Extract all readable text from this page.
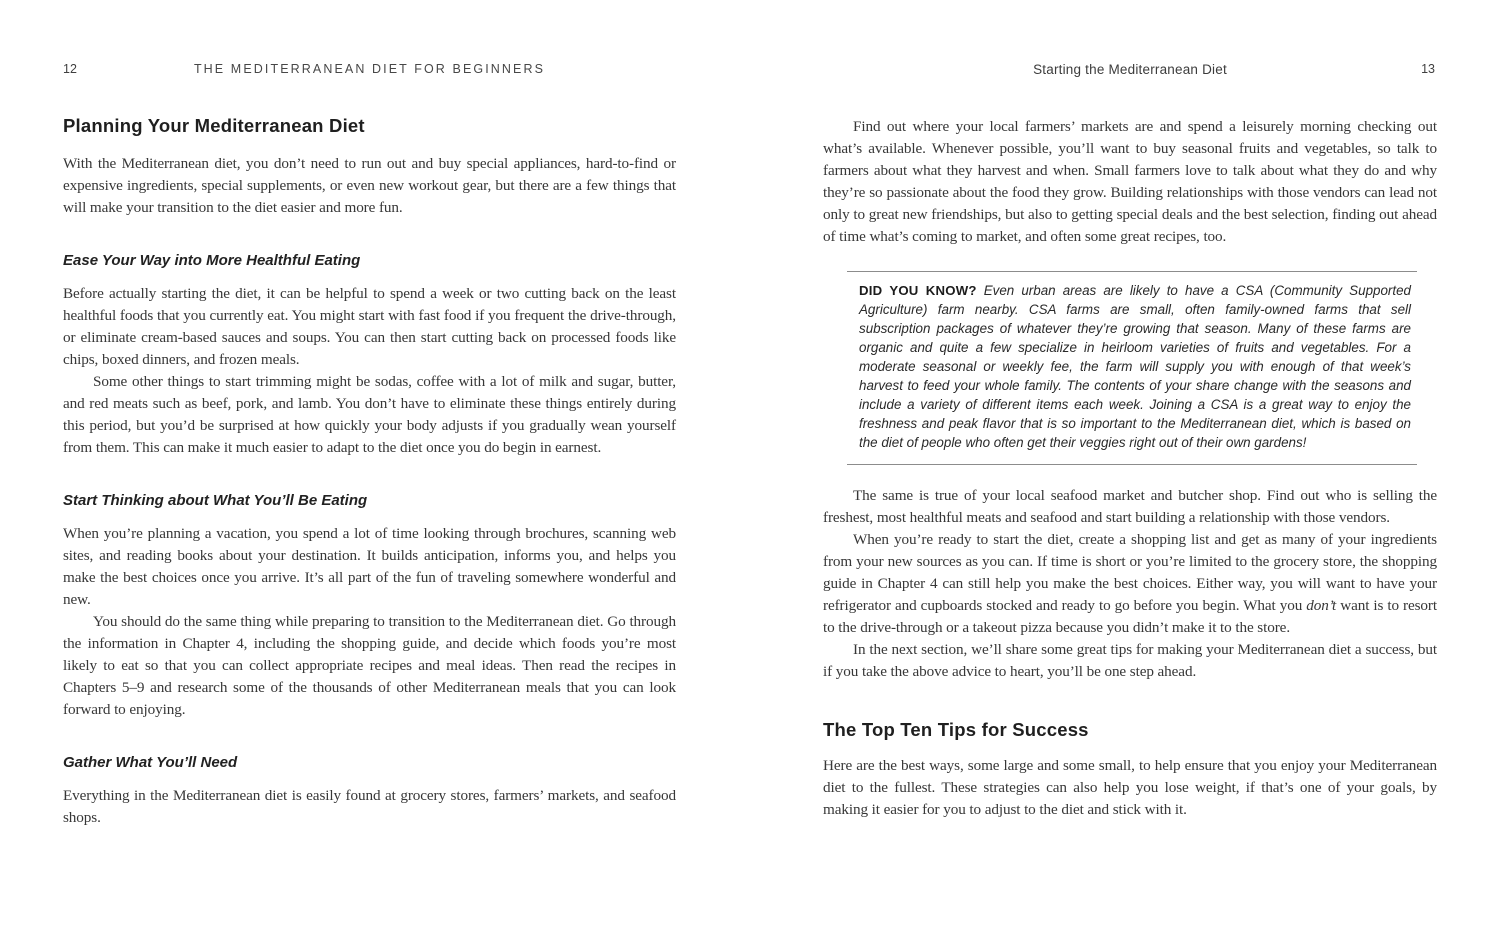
12	THE MEDITERRANEAN DIET FOR BEGINNERS
Planning Your Mediterranean Diet

With the Mediterranean diet, you don’t need to run out and buy special appliances, hard-to-find or expensive ingredients, special supplements, or even new workout gear, but there are a few things that will make your transition to the diet easier and more fun.

Ease Your Way into More Healthful Eating

Before actually starting the diet, it can be helpful to spend a week or two cutting back on the least healthful foods that you currently eat. You might start with fast food if you frequent the drive-through, or eliminate cream-based sauces and soups. You can then start cutting back on processed foods like chips, boxed dinners, and frozen meals.

Some other things to start trimming might be sodas, coffee with a lot of milk and sugar, butter, and red meats such as beef, pork, and lamb. You don’t have to eliminate these things entirely during this period, but you’d be surprised at how quickly your body adjusts if you gradually wean yourself from them. This can make it much easier to adapt to the diet once you do begin in earnest.

Start Thinking about What You’ll Be Eating

When you’re planning a vacation, you spend a lot of time looking through brochures, scanning web sites, and reading books about your destination. It builds anticipation, informs you, and helps you make the best choices once you arrive. It’s all part of the fun of traveling somewhere wonderful and new.

You should do the same thing while preparing to transition to the Mediterranean diet. Go through the information in Chapter 4, including the shopping guide, and decide which foods you’re most likely to eat so that you can collect appropriate recipes and meal ideas. Then read the recipes in Chapters 5–9 and research some of the thousands of other Mediterranean meals that you can look forward to enjoying.

Gather What You’ll Need

Everything in the Mediterranean diet is easily found at grocery stores, farmers’ markets, and seafood shops.

Starting the Mediterranean Diet	13

Find out where your local farmers’ markets are and spend a leisurely morning checking out what’s available. Whenever possible, you’ll want to buy seasonal fruits and vegetables, so talk to farmers about what they harvest and when. Small farmers love to talk about what they do and why they’re so passionate about the food they grow. Building relationships with those vendors can lead not only to great new friendships, but also to getting special deals and the best selection, finding out ahead of time what’s coming to market, and often some great recipes, too.

DID YOU KNOW? Even urban areas are likely to have a CSA (Community Supported Agriculture) farm nearby. CSA farms are small, often family-owned farms that sell subscription packages of whatever they’re growing that season. Many of these farms are organic and quite a few specialize in heirloom varieties of fruits and vegetables. For a moderate seasonal or weekly fee, the farm will supply you with enough of that week’s harvest to feed your whole family. The contents of your share change with the seasons and include a variety of different items each week. Joining a CSA is a great way to enjoy the freshness and peak flavor that is so important to the Mediterranean diet, which is based on the diet of people who often get their veggies right out of their own gardens!

The same is true of your local seafood market and butcher shop. Find out who is selling the freshest, most healthful meats and seafood and start building a relationship with those vendors.

When you’re ready to start the diet, create a shopping list and get as many of your ingredients from your new sources as you can. If time is short or you’re limited to the grocery store, the shopping guide in Chapter 4 can still help you make the best choices. Either way, you will want to have your refrigerator and cupboards stocked and ready to go before you begin. What you don’t want is to resort to the drive-through or a takeout pizza because you didn’t make it to the store.

In the next section, we’ll share some great tips for making your Mediterranean diet a success, but if you take the above advice to heart, you’ll be one step ahead.

The Top Ten Tips for Success

Here are the best ways, some large and some small, to help ensure that you enjoy your Mediterranean diet to the fullest. These strategies can also help you lose weight, if that’s one of your goals, by making it easier for you to adjust to the diet and stick with it.
